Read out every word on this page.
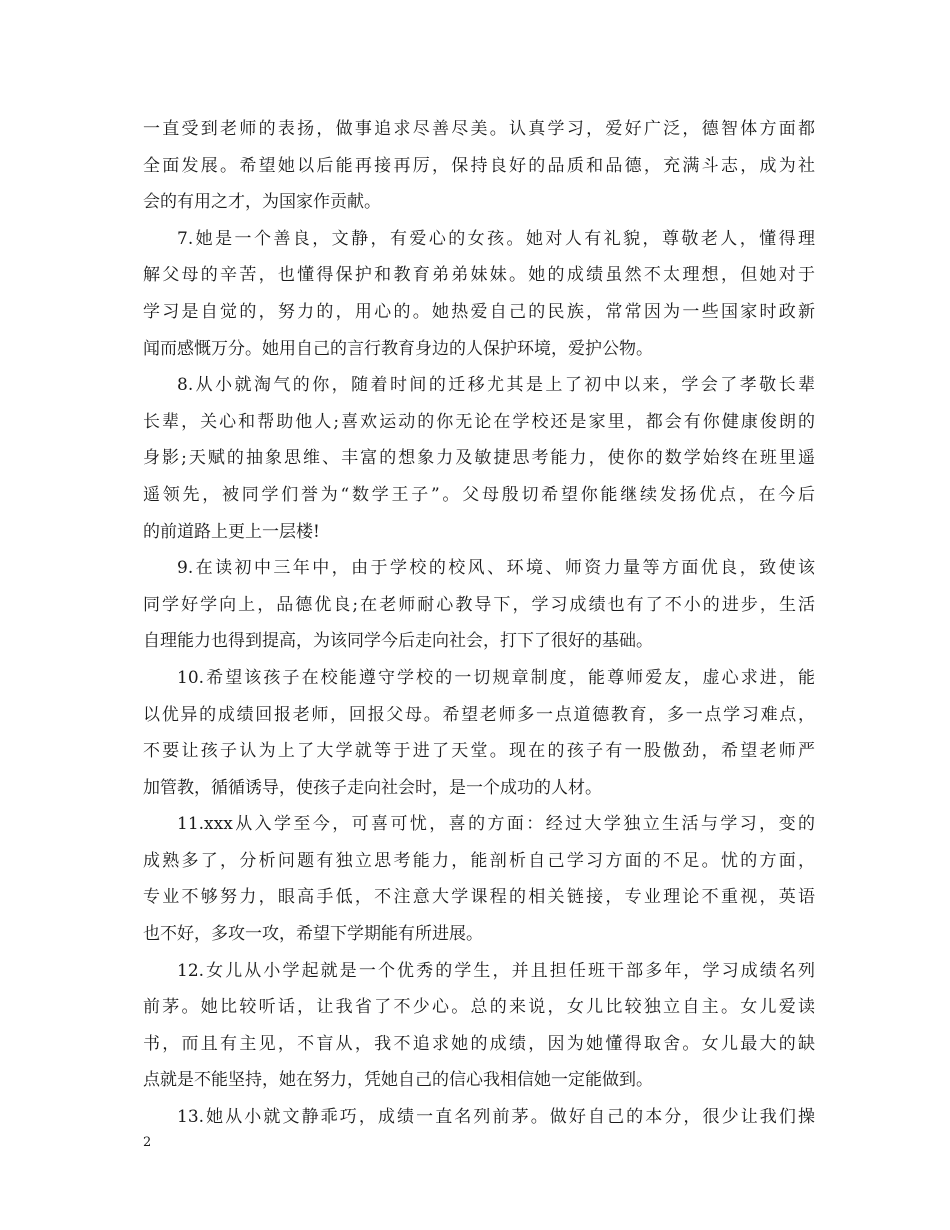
一直受到老师的表扬，做事追求尽善尽美。认真学习，爱好广泛，德智体方面都
全面发展。希望她以后能再接再厉，保持良好的品质和品德，充满斗志，成为社
会的有用之才，为国家作贡献。
7.她是一个善良，文静，有爱心的女孩。她对人有礼貌，尊敬老人，懂得理
解父母的辛苦，也懂得保护和教育弟弟妹妹。她的成绩虽然不太理想，但她对于
学习是自觉的，努力的，用心的。她热爱自己的民族，常常因为一些国家时政新
闻而感慨万分。她用自己的言行教育身边的人保护环境，爱护公物。
8.从小就淘气的你，随着时间的迁移尤其是上了初中以来，学会了孝敬长辈
长辈，关心和帮助他人;喜欢运动的你无论在学校还是家里，都会有你健康俊朗的
身影;天赋的抽象思维、丰富的想象力及敏捷思考能力，使你的数学始终在班里遥
遥领先，被同学们誉为“数学王子”。父母殷切希望你能继续发扬优点，在今后
的前道路上更上一层楼!
9.在读初中三年中，由于学校的校风、环境、师资力量等方面优良，致使该
同学好学向上，品德优良;在老师耐心教导下，学习成绩也有了不小的进步，生活
自理能力也得到提高，为该同学今后走向社会，打下了很好的基础。
10.希望该孩子在校能遵守学校的一切规章制度，能尊师爱友，虚心求进，能
以优异的成绩回报老师，回报父母。希望老师多一点道德教育，多一点学习难点，
不要让孩子认为上了大学就等于进了天堂。现在的孩子有一股傲劲，希望老师严
加管教，循循诱导，使孩子走向社会时，是一个成功的人材。
11.xxx从入学至今，可喜可忧，喜的方面：经过大学独立生活与学习，变的
成熟多了，分析问题有独立思考能力，能剖析自己学习方面的不足。忧的方面，
专业不够努力，眼高手低，不注意大学课程的相关链接，专业理论不重视，英语
也不好，多攻一攻，希望下学期能有所进展。
12.女儿从小学起就是一个优秀的学生，并且担任班干部多年，学习成绩名列
前茅。她比较听话，让我省了不少心。总的来说，女儿比较独立自主。女儿爱读
书，而且有主见，不盲从，我不追求她的成绩，因为她懂得取舍。女儿最大的缺
点就是不能坚持，她在努力，凭她自己的信心我相信她一定能做到。
13.她从小就文静乖巧，成绩一直名列前茅。做好自己的本分，很少让我们操
2
